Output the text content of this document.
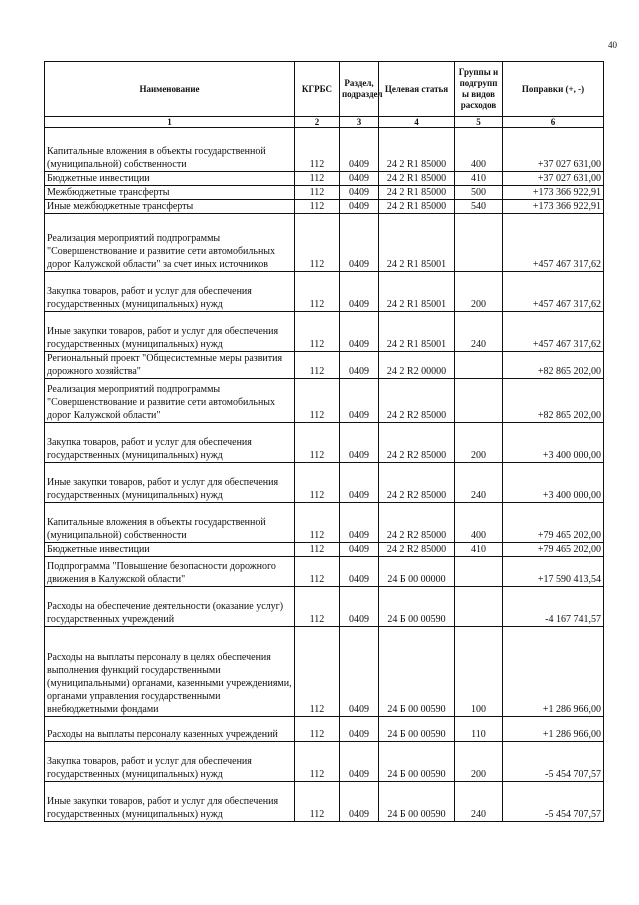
40
Наименование	КГРБС	Раздел, подраздел	Целевая статья	Группы и подгрупп ы видов расходов	Поправки (+, -)
1	2	3	4	5	6
Капитальные вложения в объекты государственной (муниципальной) собственности	112	0409	24 2 R1 85000	400	+37 027 631,00
Бюджетные инвестиции	112	0409	24 2 R1 85000	410	+37 027 631,00
Межбюджетные трансферты	112	0409	24 2 R1 85000	500	+173 366 922,91
Иные межбюджетные трансферты	112	0409	24 2 R1 85000	540	+173 366 922,91
Реализация мероприятий подпрограммы "Совершенствование и развитие сети автомобильных дорог Калужской области" за счет иных источников	112	0409	24 2 R1 85001		+457 467 317,62
Закупка товаров, работ и услуг для обеспечения государственных (муниципальных) нужд	112	0409	24 2 R1 85001	200	+457 467 317,62
Иные закупки товаров, работ и услуг для обеспечения государственных (муниципальных) нужд	112	0409	24 2 R1 85001	240	+457 467 317,62
Региональный проект "Общесистемные меры развития дорожного хозяйства"	112	0409	24 2 R2 00000		+82 865 202,00
Реализация мероприятий подпрограммы "Совершенствование и развитие сети автомобильных дорог Калужской области"	112	0409	24 2 R2 85000		+82 865 202,00
Закупка товаров, работ и услуг для обеспечения государственных (муниципальных) нужд	112	0409	24 2 R2 85000	200	+3 400 000,00
Иные закупки товаров, работ и услуг для обеспечения государственных (муниципальных) нужд	112	0409	24 2 R2 85000	240	+3 400 000,00
Капитальные вложения в объекты государственной (муниципальной) собственности	112	0409	24 2 R2 85000	400	+79 465 202,00
Бюджетные инвестиции	112	0409	24 2 R2 85000	410	+79 465 202,00
Подпрограмма "Повышение безопасности дорожного движения в Калужской области"	112	0409	24 Б 00 00000		+17 590 413,54
Расходы на обеспечение деятельности (оказание услуг) государственных учреждений	112	0409	24 Б 00 00590		-4 167 741,57
Расходы на выплаты персоналу в целях обеспечения выполнения функций государственными (муниципальными) органами, казенными учреждениями, органами управления государственными внебюджетными фондами	112	0409	24 Б 00 00590	100	+1 286 966,00
Расходы на выплаты персоналу казенных учреждений	112	0409	24 Б 00 00590	110	+1 286 966,00
Закупка товаров, работ и услуг для обеспечения государственных (муниципальных) нужд	112	0409	24 Б 00 00590	200	-5 454 707,57
Иные закупки товаров, работ и услуг для обеспечения государственных (муниципальных) нужд	112	0409	24 Б 00 00590	240	-5 454 707,57
